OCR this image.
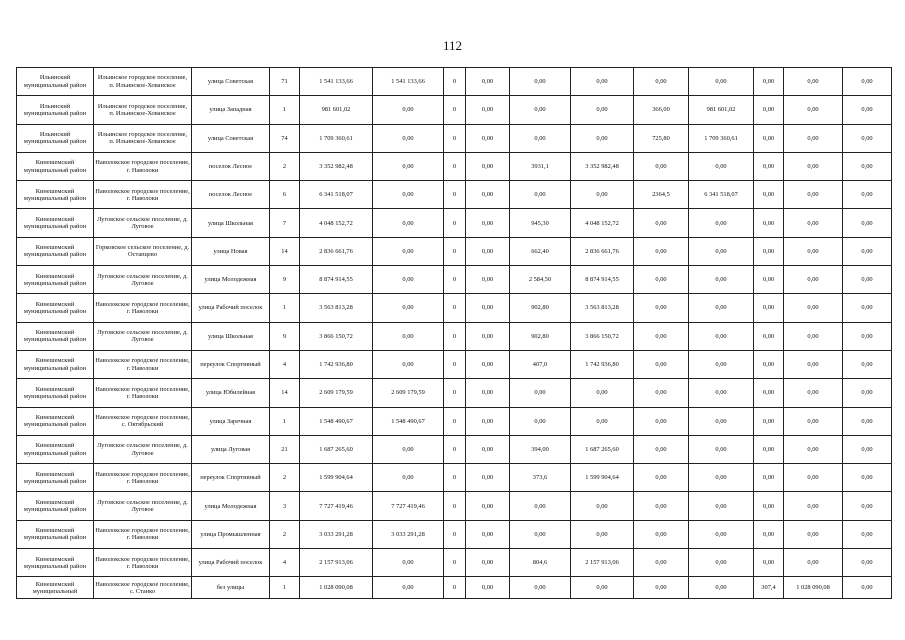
112
Ильинский муниципальный район	Ильинское городское поселение, п. Ильинское-Хованское	улица Советская	71	1 541 133,66	1 541 133,66	0	0,00	0,00	0,00	0,00	0,00	0,00	0,00	0,00
Ильинский муниципальный район	Ильинское городское поселение, п. Ильинское-Хованское	улица Западная	1	981 601,02	0,00	0	0,00	0,00	0,00	366,00	981 601,02	0,00	0,00	0,00
Ильинский муниципальный район	Ильинское городское поселение, п. Ильинское-Хованское	улица Советская	74	1 709 360,61	0,00	0	0,00	0,00	0,00	725,80	1 709 360,61	0,00	0,00	0,00
Кинешемский муниципальный район	Наволокское городское поселение, г. Наволоки	поселок Лесное	2	3 352 982,48	0,00	0	0,00	3931,1	3 352 982,48	0,00	0,00	0,00	0,00	0,00
Кинешемский муниципальный район	Наволокское городское поселение, г. Наволоки	поселок Лесное	6	6 341 518,07	0,00	0	0,00	0,00	0,00	2364,5	6 341 518,07	0,00	0,00	0,00
Кинешемский муниципальный район	Луговское сельское поселение, д. Луговое	улица Школьная	7	4 048 152,72	0,00	0	0,00	945,30	4 048 152,72	0,00	0,00	0,00	0,00	0,00
Кинешемский муниципальный район	Горковское сельское поселение, д. Остапцево	улица Новая	14	2 836 661,76	0,00	0	0,00	662,40	2 836 661,76	0,00	0,00	0,00	0,00	0,00
Кинешемский муниципальный район	Луговское сельское поселение, д. Луговое	улица Молодежная	9	8 874 914,55	0,00	0	0,00	2 584,50	8 874 914,55	0,00	0,00	0,00	0,00	0,00
Кинешемский муниципальный район	Наволокское городское поселение, г. Наволоки	улица Рабочий поселок	1	3 563 813,28	0,00	0	0,00	902,80	3 563 813,28	0,00	0,00	0,00	0,00	0,00
Кинешемский муниципальный район	Луговское сельское поселение, д. Луговое	улица Школьная	9	3 866 150,72	0,00	0	0,00	902,80	3 866 150,72	0,00	0,00	0,00	0,00	0,00
Кинешемский муниципальный район	Наволокское городское поселение, г. Наволоки	переулок Спортивный	4	1 742 936,80	0,00	0	0,00	407,0	1 742 936,80	0,00	0,00	0,00	0,00	0,00
Кинешемский муниципальный район	Наволокское городское поселение, г. Наволоки	улица Юбилейная	14	2 609 179,59	2 609 179,59	0	0,00	0,00	0,00	0,00	0,00	0,00	0,00	0,00
Кинешемский муниципальный район	Наволокское городское поселение, с. Октябрьский	улица Заречная	1	1 548 490,67	1 548 490,67	0	0,00	0,00	0,00	0,00	0,00	0,00	0,00	0,00
Кинешемский муниципальный район	Луговское сельское поселение, д. Луговое	улица Луговая	21	1 687 265,60	0,00	0	0,00	394,00	1 687 265,60	0,00	0,00	0,00	0,00	0,00
Кинешемский муниципальный район	Наволокское городское поселение, г. Наволоки	переулок Спортивный	2	1 599 904,64	0,00	0	0,00	373,6	1 599 904,64	0,00	0,00	0,00	0,00	0,00
Кинешемский муниципальный район	Луговское сельское поселение, д. Луговое	улица Молодежная	3	7 727 419,46	7 727 419,46	0	0,00	0,00	0,00	0,00	0,00	0,00	0,00	0,00
Кинешемский муниципальный район	Наволокское городское поселение, г. Наволоки	улица Промышленная	2	3 033 291,28	3 033 291,28	0	0,00	0,00	0,00	0,00	0,00	0,00	0,00	0,00
Кинешемский муниципальный район	Наволокское городское поселение, г. Наволоки	улица Рабочий поселок	4	2 157 913,06	0,00	0	0,00	804,6	2 157 913,06	0,00	0,00	0,00	0,00	0,00
Кинешемский муниципальный	Наволокское городское поселение, с. Станко	без улицы	1	1 028 090,08	0,00	0	0,00	0,00	0,00	0,00	0,00	307,4	1 028 090,08	0,00
